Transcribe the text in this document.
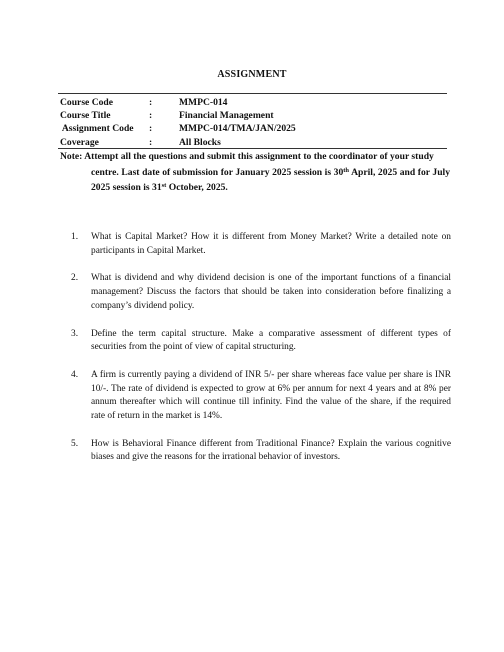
ASSIGNMENT
Course Code	:	MMPC-014
Course Title	:	Financial Management
Assignment Code :	MMPC-014/TMA/JAN/2025
Coverage	:	All Blocks
Note: Attempt all the questions and submit this assignment to the coordinator of your study
centre. Last date of submission for January 2025 session is 30th April, 2025 and for July 2025 session is 31st October, 2025.
1. What is Capital Market? How it is different from Money Market? Write a detailed note on participants in Capital Market.
2. What is dividend and why dividend decision is one of the important functions of a financial management? Discuss the factors that should be taken into consideration before finalizing a company’s dividend policy.
3. Define the term capital structure. Make a comparative assessment of different types of securities from the point of view of capital structuring.
4. A firm is currently paying a dividend of INR 5/- per share whereas face value per share is INR 10/-. The rate of dividend is expected to grow at 6% per annum for next 4 years and at 8% per annum thereafter which will continue till infinity. Find the value of the share, if the required rate of return in the market is 14%.
5. How is Behavioral Finance different from Traditional Finance? Explain the various cognitive biases and give the reasons for the irrational behavior of investors.
